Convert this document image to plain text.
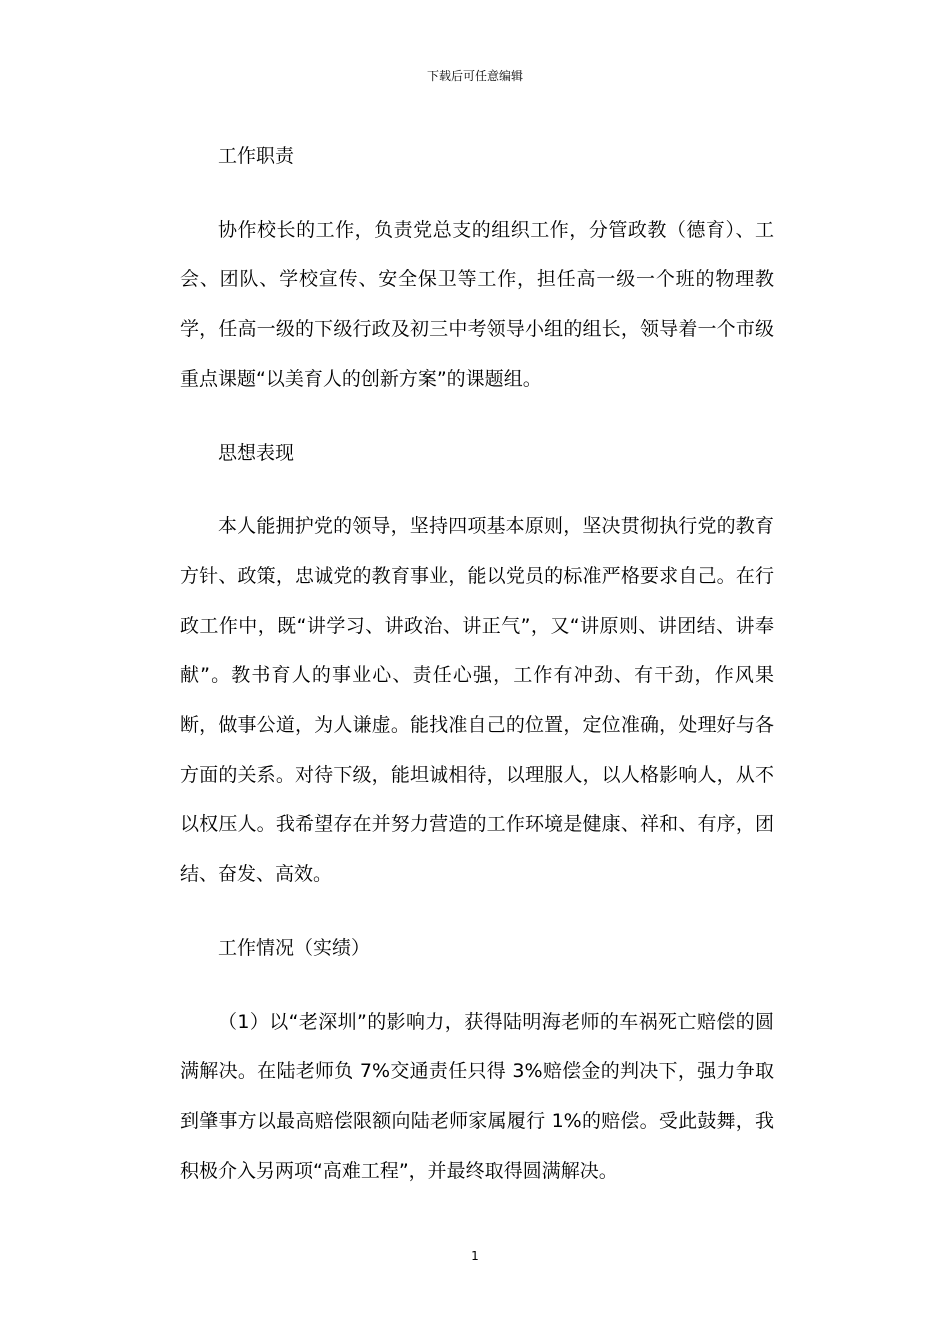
下载后可任意编辑

工作职责

协作校长的工作，负责党总支的组织工作，分管政教（德育）、工会、团队、学校宣传、安全保卫等工作，担任高一级一个班的物理教学，任高一级的下级行政及初三中考领导小组的组长，领导着一个市级重点课题“以美育人的创新方案”的课题组。

思想表现

本人能拥护党的领导，坚持四项基本原则，坚决贯彻执行党的教育方针、政策，忠诚党的教育事业，能以党员的标准严格要求自己。在行政工作中，既“讲学习、讲政治、讲正气”，又“讲原则、讲团结、讲奉献”。教书育人的事业心、责任心强，工作有冲劲、有干劲，作风果断，做事公道，为人谦虚。能找准自己的位置，定位准确，处理好与各方面的关系。对待下级，能坦诚相待，以理服人，以人格影响人，从不以权压人。我希望存在并努力营造的工作环境是健康、祥和、有序，团结、奋发、高效。

工作情况（实绩）

（1）以“老深圳”的影响力，获得陆明海老师的车祸死亡赔偿的圆满解决。在陆老师负 7%交通责任只得 3%赔偿金的判决下，强力争取到肇事方以最高赔偿限额向陆老师家属履行 1%的赔偿。受此鼓舞，我积极介入另两项“高难工程”，并最终取得圆满解决。

1
